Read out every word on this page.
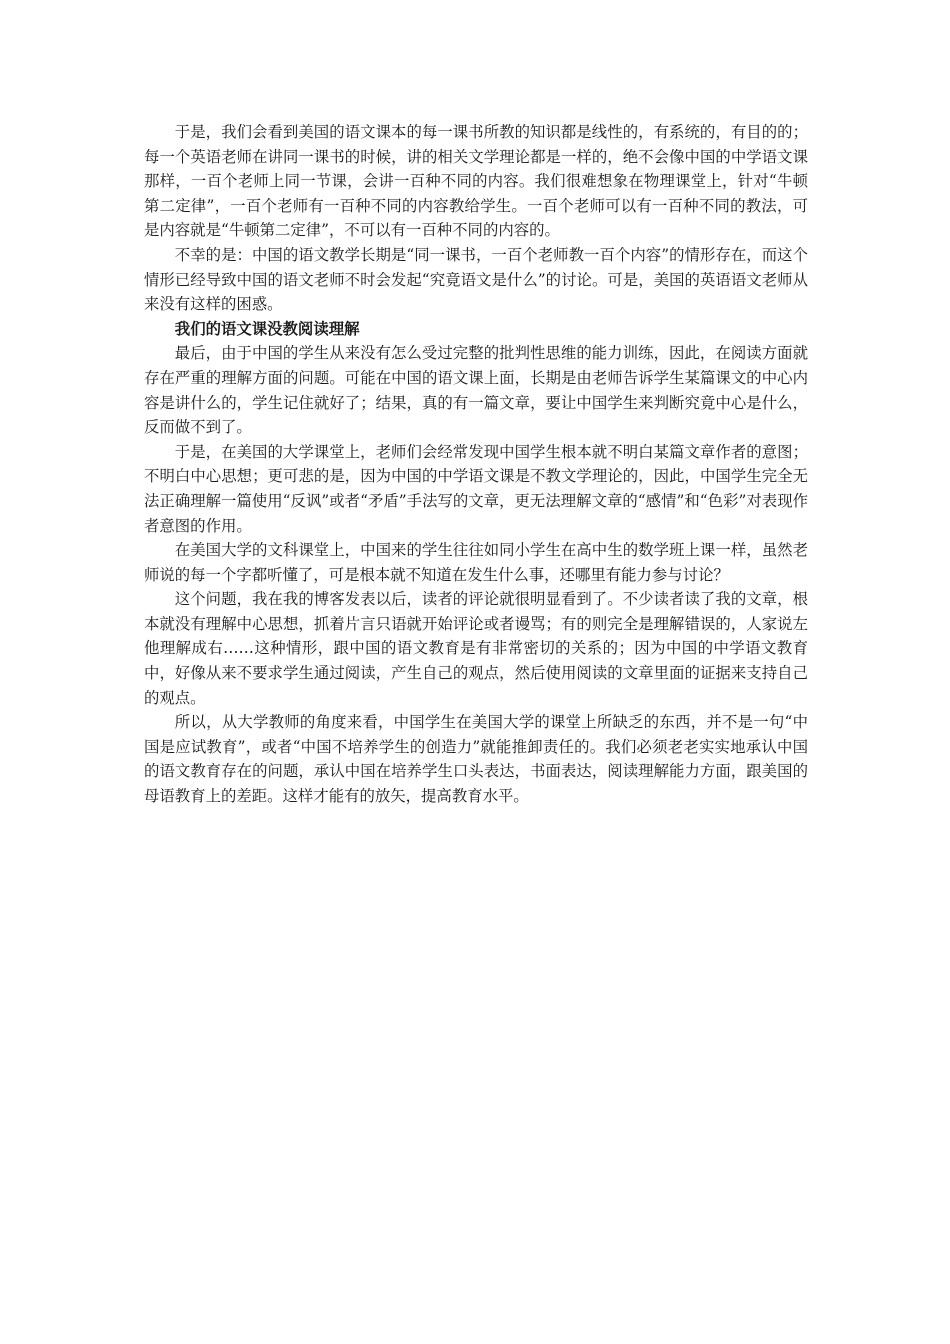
于是，我们会看到美国的语文课本的每一课书所教的知识都是线性的，有系统的，有目的的；每一个英语老师在讲同一课书的时候，讲的相关文学理论都是一样的，绝不会像中国的中学语文课那样，一百个老师上同一节课，会讲一百种不同的内容。我们很难想象在物理课堂上，针对“牛顿第二定律”，一百个老师有一百种不同的内容教给学生。一百个老师可以有一百种不同的教法，可是内容就是“牛顿第二定律”，不可以有一百种不同的内容的。

不幸的是：中国的语文教学长期是“同一课书，一百个老师教一百个内容”的情形存在，而这个情形已经导致中国的语文老师不时会发起“究竟语文是什么”的讨论。可是，美国的英语语文老师从来没有这样的困惑。

我们的语文课没教阅读理解

最后，由于中国的学生从来没有怎么受过完整的批判性思维的能力训练，因此，在阅读方面就存在严重的理解方面的问题。可能在中国的语文课上面，长期是由老师告诉学生某篇课文的中心内容是讲什么的，学生记住就好了；结果，真的有一篇文章，要让中国学生来判断究竟中心是什么，反而做不到了。

于是，在美国的大学课堂上，老师们会经常发现中国学生根本就不明白某篇文章作者的意图；不明白中心思想；更可悲的是，因为中国的中学语文课是不教文学理论的，因此，中国学生完全无法正确理解一篇使用“反讽”或者“矛盾”手法写的文章，更无法理解文章的“感情”和“色彩”对表现作者意图的作用。

在美国大学的文科课堂上，中国来的学生往往如同小学生在高中生的数学班上课一样，虽然老师说的每一个字都听懂了，可是根本就不知道在发生什么事，还哪里有能力参与讨论？

这个问题，我在我的博客发表以后，读者的评论就很明显看到了。不少读者读了我的文章，根本就没有理解中心思想，抓着片言只语就开始评论或者谩骂；有的则完全是理解错误的，人家说左他理解成右……这种情形，跟中国的语文教育是有非常密切的关系的；因为中国的中学语文教育中，好像从来不要求学生通过阅读，产生自己的观点，然后使用阅读的文章里面的证据来支持自己的观点。

所以，从大学教师的角度来看，中国学生在美国大学的课堂上所缺乏的东西，并不是一句“中国是应试教育”，或者“中国不培养学生的创造力”就能推卸责任的。我们必须老老实实地承认中国的语文教育存在的问题，承认中国在培养学生口头表达，书面表达，阅读理解能力方面，跟美国的母语教育上的差距。这样才能有的放矢，提高教育水平。
